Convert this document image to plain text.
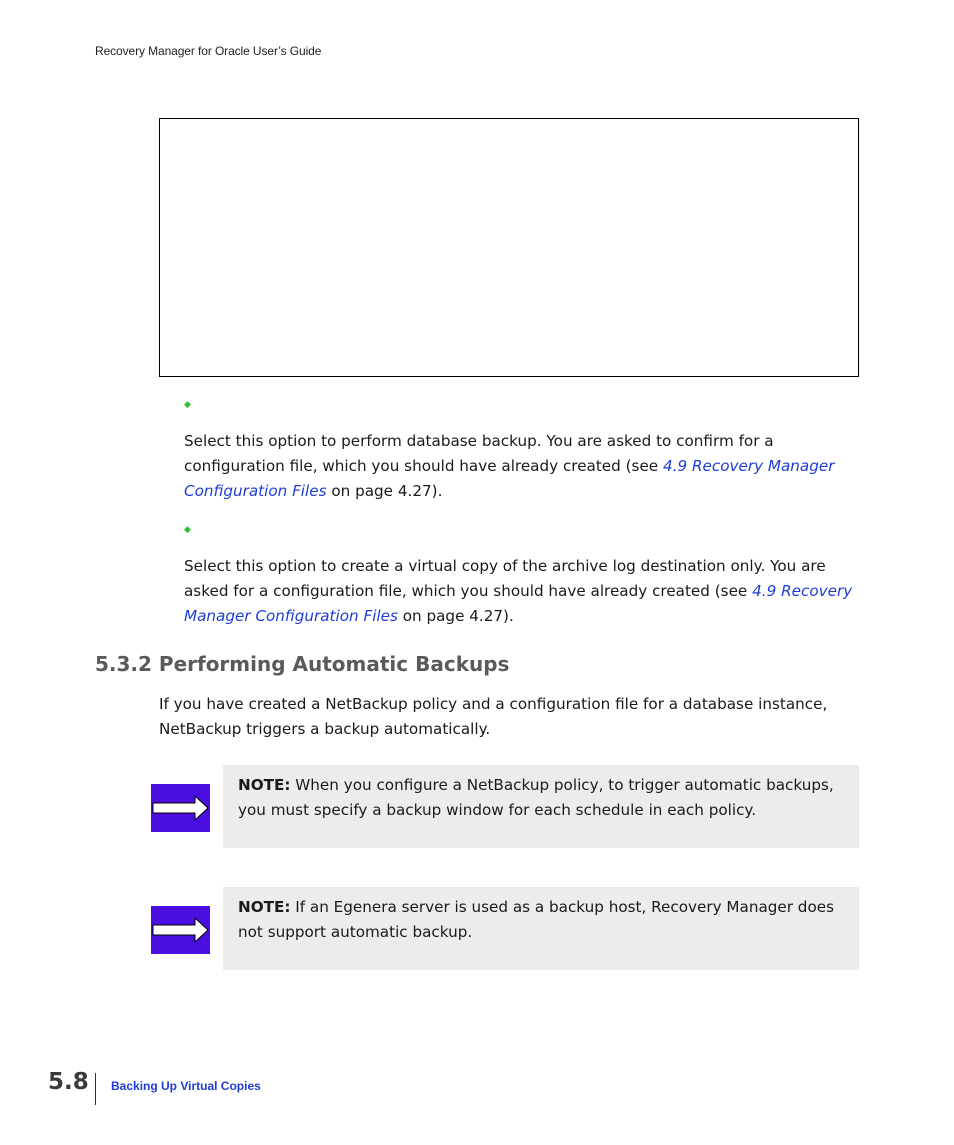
Recovery Manager for Oracle User’s Guide
◆
Select this option to perform database backup. You are asked to confirm for a configuration file, which you should have already created (see 4.9 Recovery Manager Configuration Files on page 4.27).
◆
Select this option to create a virtual copy of the archive log destination only. You are asked for a configuration file, which you should have already created (see 4.9 Recovery Manager Configuration Files on page 4.27).
5.3.2 Performing Automatic Backups
If you have created a NetBackup policy and a configuration file for a database instance, NetBackup triggers a backup automatically.
NOTE: When you configure a NetBackup policy, to trigger automatic backups, you must specify a backup window for each schedule in each policy.
NOTE: If an Egenera server is used as a backup host, Recovery Manager does not support automatic backup.
5.8 Backing Up Virtual Copies
